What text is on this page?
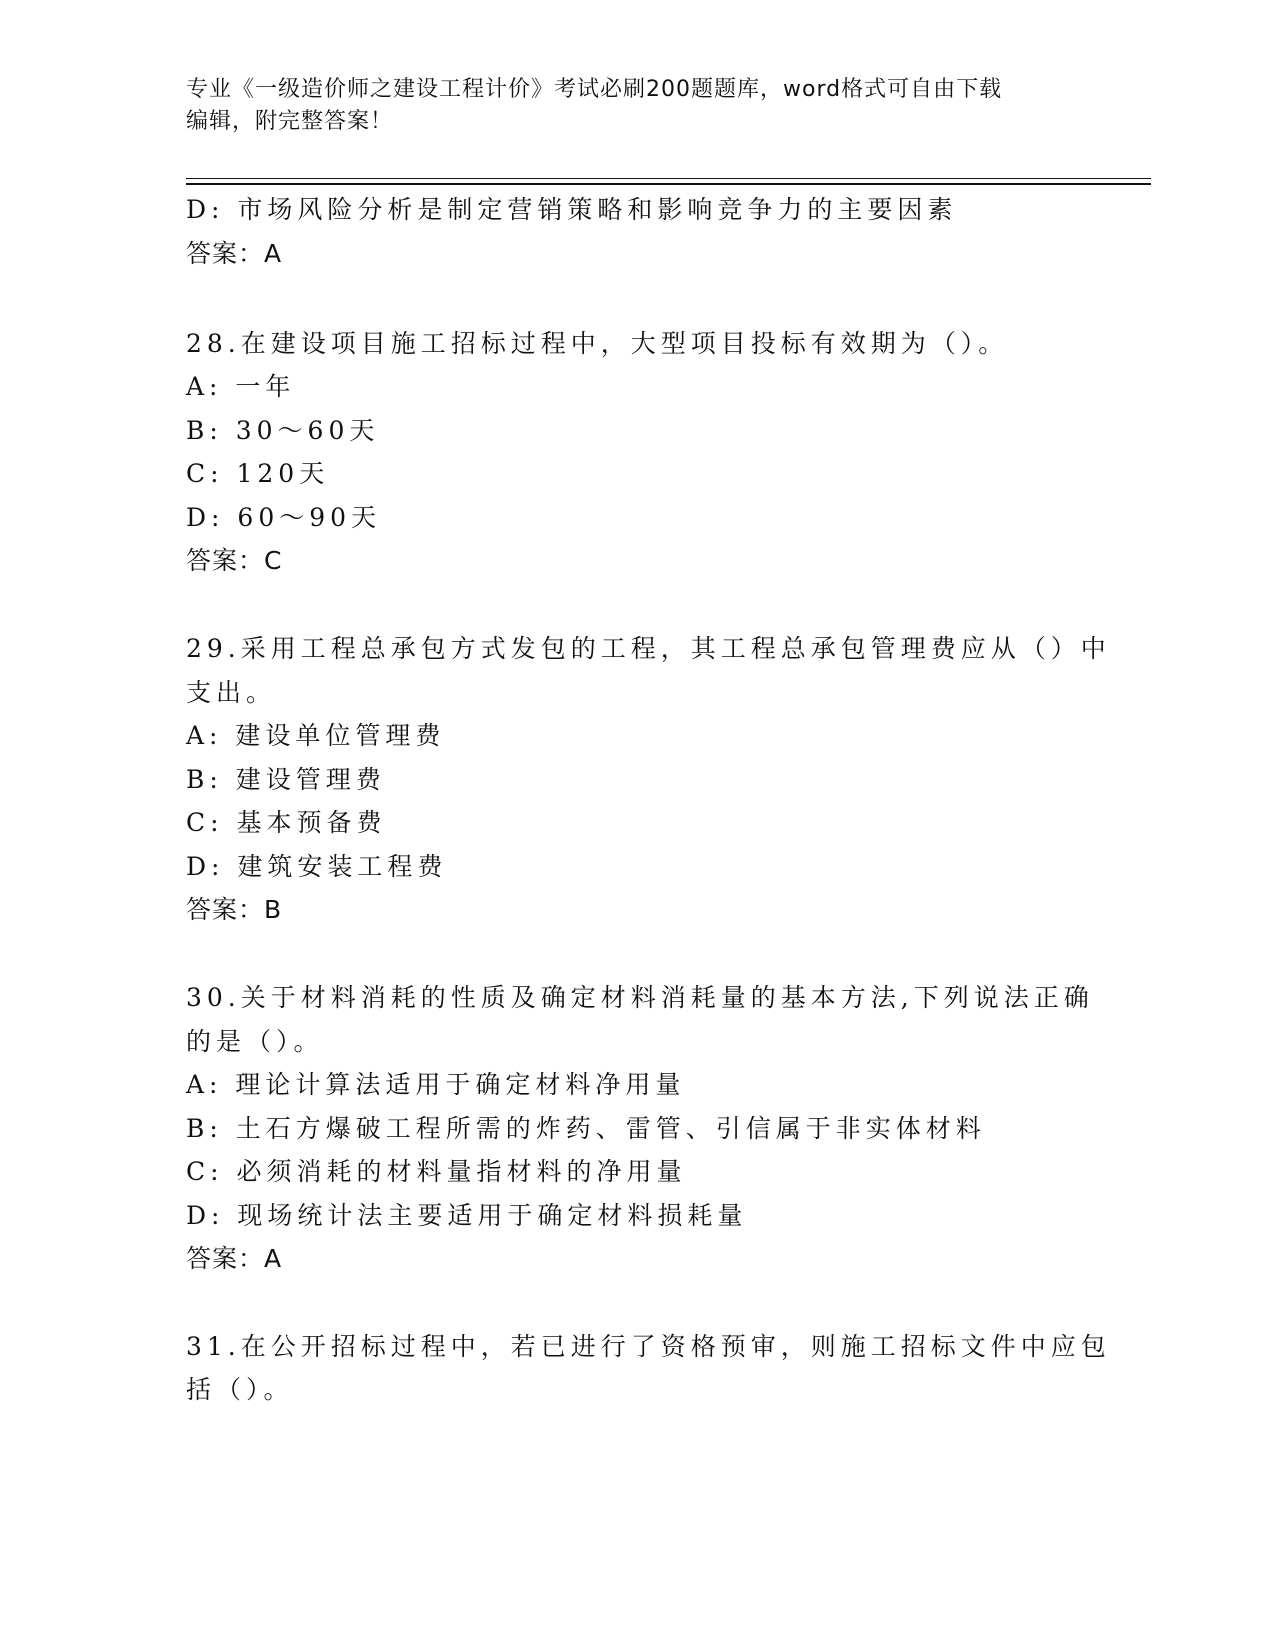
专业《一级造价师之建设工程计价》考试必刷200题题库，word格式可自由下载
编辑，附完整答案！
D: 市场风险分析是制定营销策略和影响竞争力的主要因素
答案：A
28.在建设项目施工招标过程中，大型项目投标有效期为（）。
A: 一年
B: 30～60天
C: 120天
D: 60～90天
答案：C
29.采用工程总承包方式发包的工程，其工程总承包管理费应从（）中
支出。
A: 建设单位管理费
B: 建设管理费
C: 基本预备费
D: 建筑安装工程费
答案：B
30.关于材料消耗的性质及确定材料消耗量的基本方法,下列说法正确
的是（）。
A: 理论计算法适用于确定材料净用量
B: 土石方爆破工程所需的炸药、雷管、引信属于非实体材料
C: 必须消耗的材料量指材料的净用量
D: 现场统计法主要适用于确定材料损耗量
答案：A
31.在公开招标过程中，若已进行了资格预审，则施工招标文件中应包
括（）。
